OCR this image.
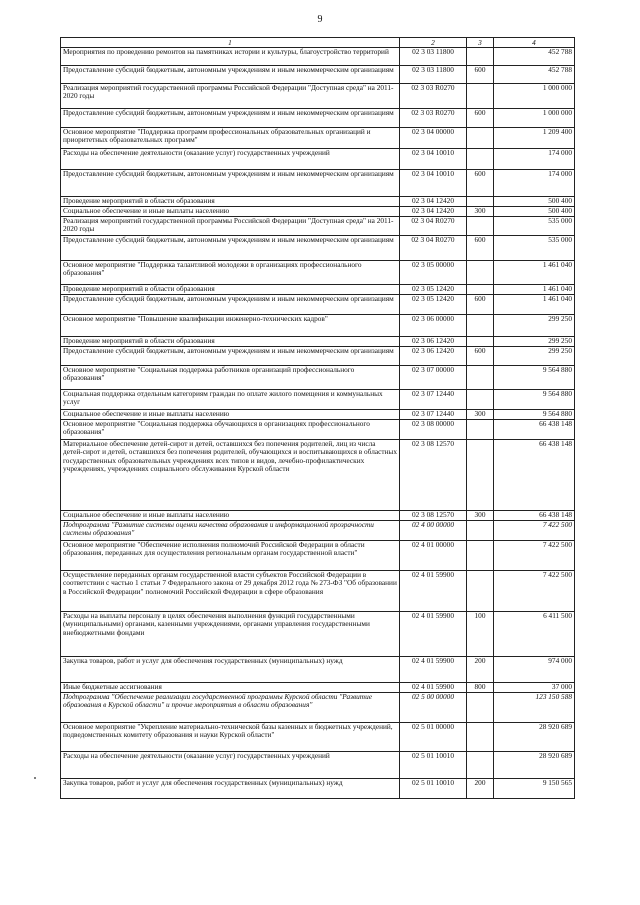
9
1	2	3	4
Мероприятия по проведению ремонтов на памятниках истории и культуры, благоустройство территорий	02 3 03 11800		452 788
Предоставление субсидий бюджетным, автономным учреждениям и иным некоммерческим организациям	02 3 03 11800	600	452 788
Реализация мероприятий государственной программы Российской Федерации "Доступная среда" на 2011-2020 годы	02 3 03 R0270		1 000 000
Предоставление субсидий бюджетным, автономным учреждениям и иным некоммерческим организациям	02 3 03 R0270	600	1 000 000
Основное мероприятие "Поддержка программ профессиональных образовательных организаций и приоритетных образовательных программ"	02 3 04 00000		1 209 400
Расходы на обеспечение деятельности (оказание услуг) государственных учреждений	02 3 04 10010		174 000
Предоставление субсидий бюджетным, автономным учреждениям и иным некоммерческим организациям	02 3 04 10010	600	174 000
Проведение мероприятий в области образования	02 3 04 12420		500 400
Социальное обеспечение и иные выплаты населению	02 3 04 12420	300	500 400
Реализация мероприятий государственной программы Российской Федерации "Доступная среда" на 2011-2020 годы	02 3 04 R0270		535 000
Предоставление субсидий бюджетным, автономным учреждениям и иным некоммерческим организациям	02 3 04 R0270	600	535 000
Основное мероприятие "Поддержка талантливой молодежи в организациях профессионального образования"	02 3 05 00000		1 461 040
Проведение мероприятий в области образования	02 3 05 12420		1 461 040
Предоставление субсидий бюджетным, автономным учреждениям и иным некоммерческим организациям	02 3 05 12420	600	1 461 040
Основное мероприятие "Повышение квалификации инженерно-технических кадров"	02 3 06 00000		299 250
Проведение мероприятий в области образования	02 3 06 12420		299 250
Предоставление субсидий бюджетным, автономным учреждениям и иным некоммерческим организациям	02 3 06 12420	600	299 250
Основное мероприятие "Социальная поддержка работников организаций профессионального образования"	02 3 07 00000		9 564 880
Социальная поддержка отдельным категориям граждан по оплате жилого помещения и коммунальных услуг	02 3 07 12440		9 564 880
Социальное обеспечение и иные выплаты населению	02 3 07 12440	300	9 564 880
Основное мероприятие "Социальная поддержка обучающихся в организациях профессионального образования"	02 3 08 00000		66 438 148
Материальное обеспечение детей-сирот и детей, оставшихся без попечения родителей, лиц из числа детей-сирот и детей, оставшихся без попечения родителей, обучающихся и воспитывающихся в областных государственных образовательных учреждениях всех типов и видов, лечебно-профилактических учреждениях, учреждениях социального обслуживания Курской области	02 3 08 12570		66 438 148
Социальное обеспечение и иные выплаты населению	02 3 08 12570	300	66 438 148
Подпрограмма "Развитие системы оценки качества образования и информационной прозрачности системы образования"	02 4 00 00000		7 422 500
Основное мероприятие "Обеспечение исполнения полномочий Российской Федерации в области образования, переданных для осуществления региональным органам государственной власти"	02 4 01 00000		7 422 500
Осуществление переданных органам государственной власти субъектов Российской Федерации в соответствии с частью 1 статьи 7 Федерального закона от 29 декабря 2012 года № 273-ФЗ "Об образовании в Российской Федерации" полномочий Российской Федерации в сфере образования	02 4 01 59900		7 422 500
Расходы на выплаты персоналу в целях обеспечения выполнения функций государственными (муниципальными) органами, казенными учреждениями, органами управления государственными внебюджетными фондами	02 4 01 59900	100	6 411 500
Закупка товаров, работ и услуг для обеспечения государственных (муниципальных) нужд	02 4 01 59900	200	974 000
Иные бюджетные ассигнования	02 4 01 59900	800	37 000
Подпрограмма "Обеспечение реализации государственной программы Курской области "Развитие образования в Курской области" и прочие мероприятия в области образования"	02 5 00 00000		123 150 588
Основное мероприятие "Укрепление материально-технической базы казенных и бюджетных учреждений, подведомственных комитету образования и науки Курской области"	02 5 01 00000		28 920 689
Расходы на обеспечение деятельности (оказание услуг) государственных учреждений	02 5 01 10010		28 920 689
Закупка товаров, работ и услуг для обеспечения государственных (муниципальных) нужд	02 5 01 10010	200	9 150 565
